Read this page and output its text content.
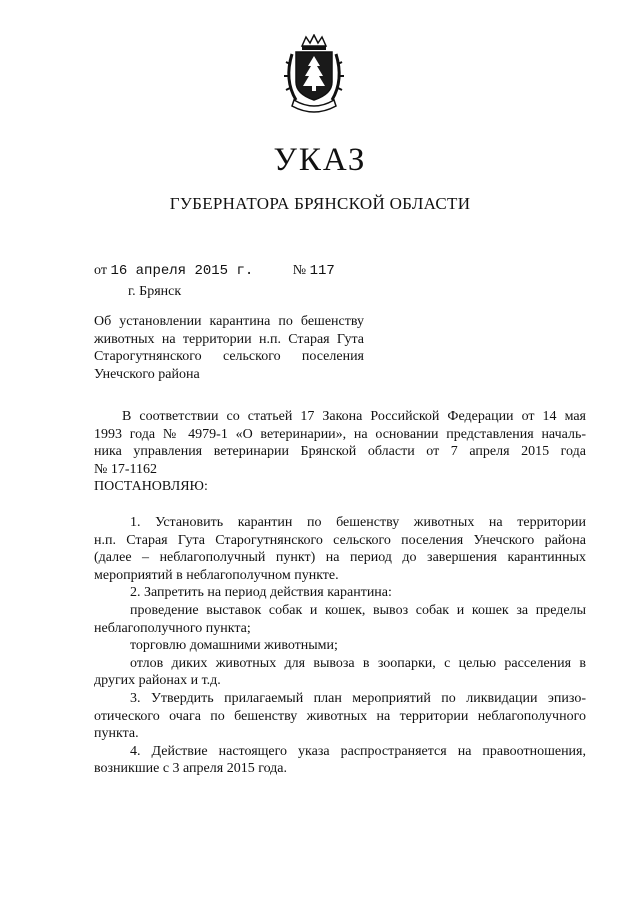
УКАЗ
ГУБЕРНАТОРА БРЯНСКОЙ ОБЛАСТИ
от 16 апреля 2015 г.	№ 117
г. Брянск
Об установлении карантина по бешенству
животных на территории н.п. Старая Гута
Старогутнянского сельского поселения
Унечского района

В соответствии со статьей 17 Закона Российской Федерации от 14 мая
1993 года № 4979-1 «О ветеринарии», на основании представления началь-
ника управления ветеринарии Брянской области от 7 апреля 2015 года
№ 17-1162

ПОСТАНОВЛЯЮ:

1. Установить карантин по бешенству животных на территории
н.п. Старая Гута Старогутнянского сельского поселения Унечского района
(далее – неблагополучный пункт) на период до завершения карантинных
мероприятий в неблагополучном пункте.

2. Запретить на период действия карантина:
проведение выставок собак и кошек, вывоз собак и кошек за пределы
неблагополучного пункта;
торговлю домашними животными;
отлов диких животных для вывоза в зоопарки, с целью расселения в
других районах и т.д.

3. Утвердить прилагаемый план мероприятий по ликвидации эпизо-
отического очага по бешенству животных на территории неблагополучного
пункта.

4. Действие настоящего указа распространяется на правоотношения,
возникшие с 3 апреля 2015 года.
